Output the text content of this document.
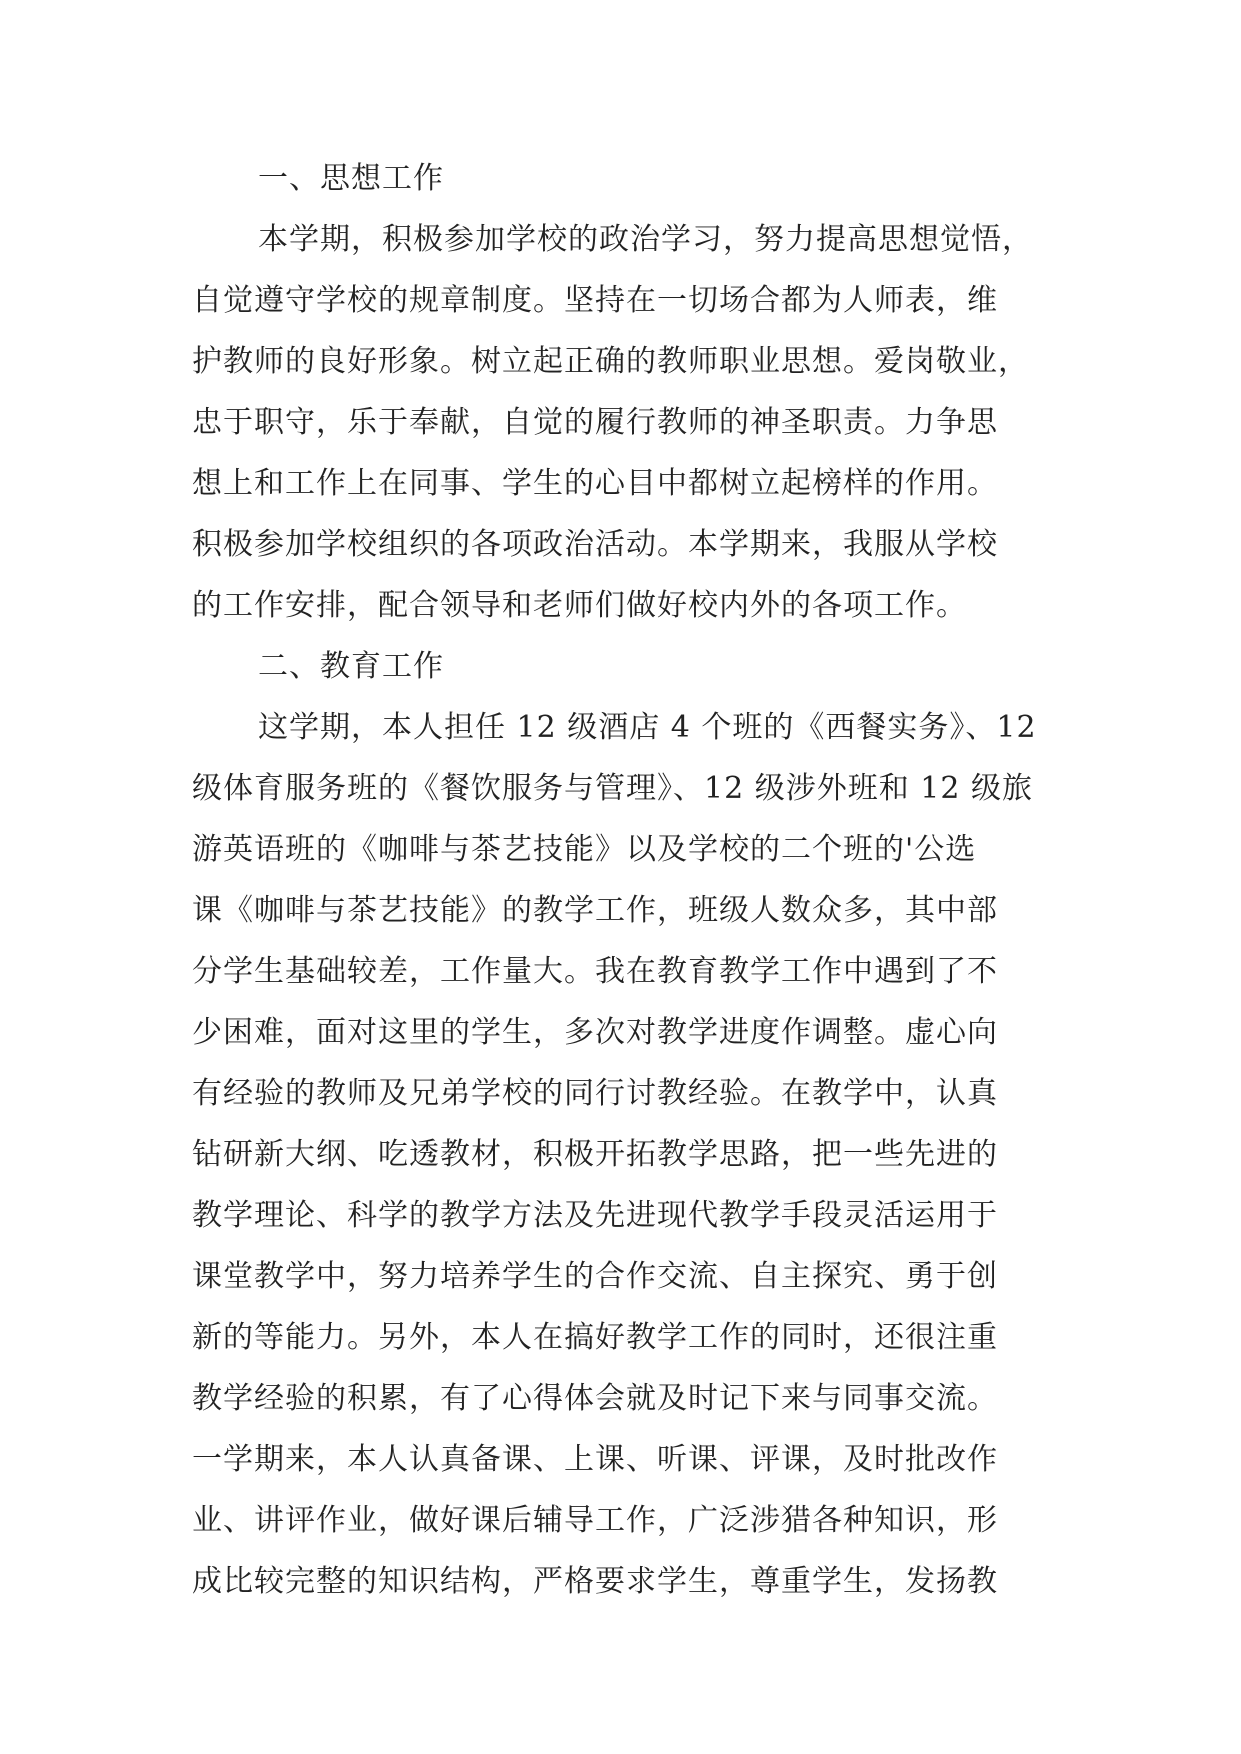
一、思想工作
本学期，积极参加学校的政治学习，努力提高思想觉悟，
自觉遵守学校的规章制度。坚持在一切场合都为人师表，维
护教师的良好形象。树立起正确的教师职业思想。爱岗敬业，
忠于职守，乐于奉献，自觉的履行教师的神圣职责。力争思
想上和工作上在同事、学生的心目中都树立起榜样的作用。
积极参加学校组织的各项政治活动。本学期来，我服从学校
的工作安排，配合领导和老师们做好校内外的各项工作。
二、教育工作
这学期，本人担任 12 级酒店 4 个班的《西餐实务》、12
级体育服务班的《餐饮服务与管理》、12 级涉外班和 12 级旅
游英语班的《咖啡与茶艺技能》以及学校的二个班的'公选
课《咖啡与茶艺技能》的教学工作，班级人数众多，其中部
分学生基础较差，工作量大。我在教育教学工作中遇到了不
少困难，面对这里的学生，多次对教学进度作调整。虚心向
有经验的教师及兄弟学校的同行讨教经验。在教学中，认真
钻研新大纲、吃透教材，积极开拓教学思路，把一些先进的
教学理论、科学的教学方法及先进现代教学手段灵活运用于
课堂教学中，努力培养学生的合作交流、自主探究、勇于创
新的等能力。另外，本人在搞好教学工作的同时，还很注重
教学经验的积累，有了心得体会就及时记下来与同事交流。
一学期来，本人认真备课、上课、听课、评课，及时批改作
业、讲评作业，做好课后辅导工作，广泛涉猎各种知识，形
成比较完整的知识结构，严格要求学生，尊重学生，发扬教
